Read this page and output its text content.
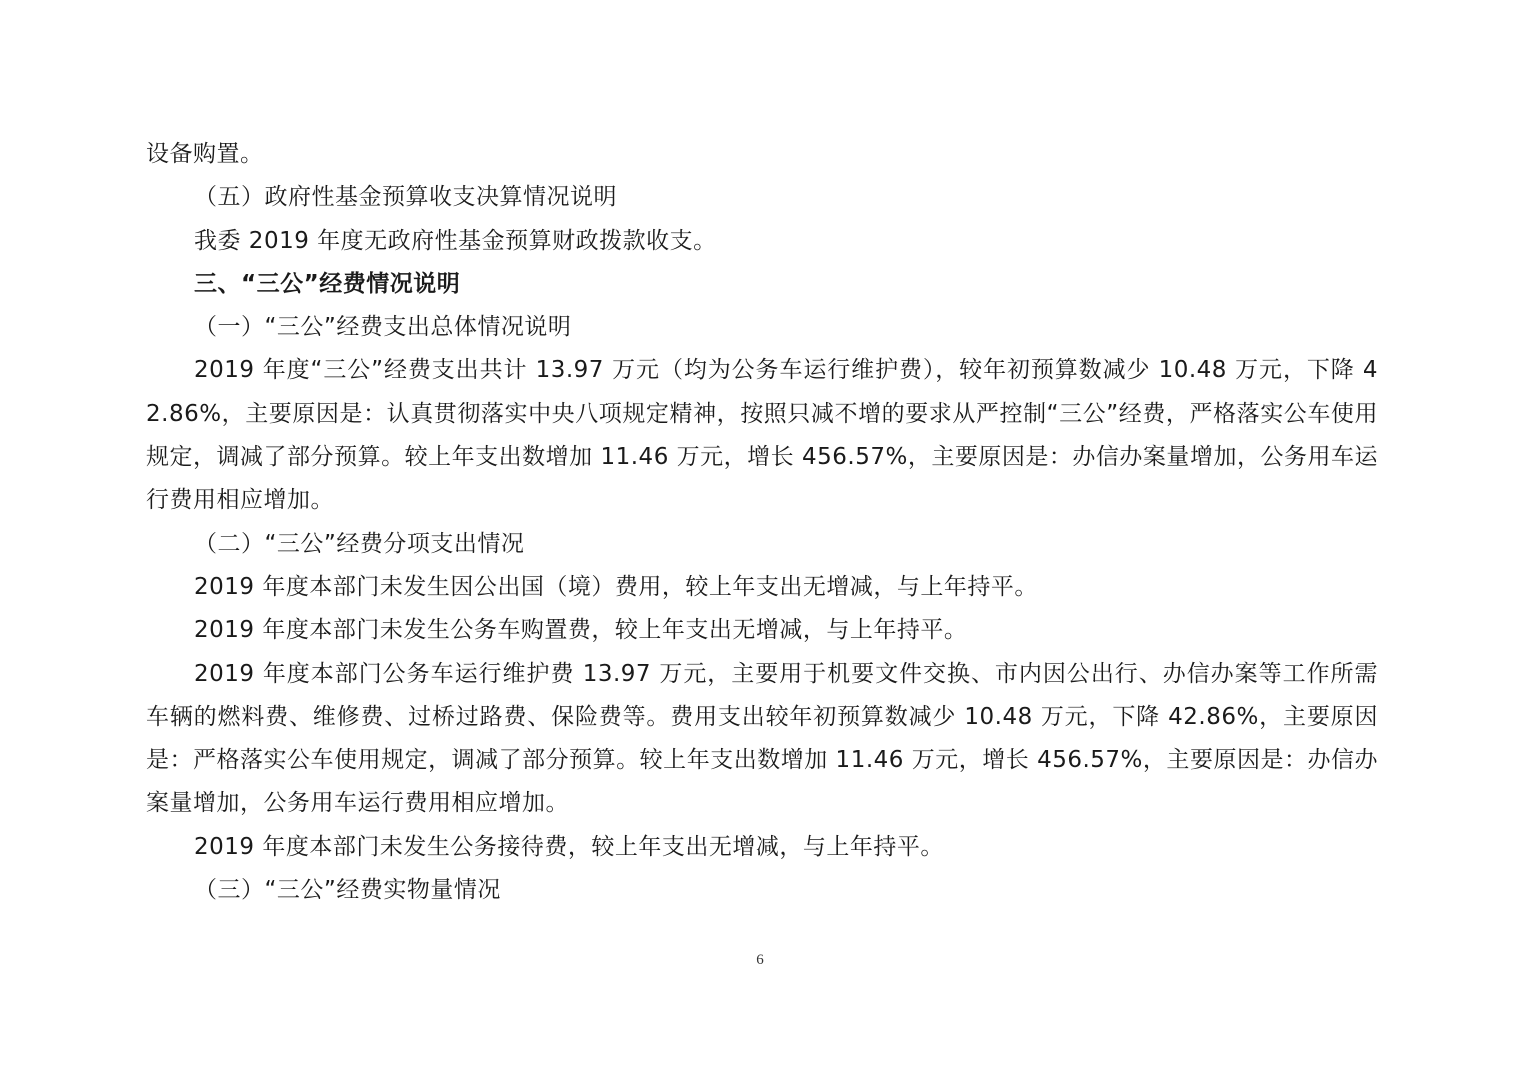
设备购置。

（五）政府性基金预算收支决算情况说明

我委 2019 年度无政府性基金预算财政拨款收支。

三、“三公”经费情况说明

（一）“三公”经费支出总体情况说明

2019 年度“三公”经费支出共计 13.97 万元（均为公务车运行维护费），较年初预算数减少 10.48 万元，下降 42.86%，主要原因是：认真贯彻落实中央八项规定精神，按照只减不增的要求从严控制“三公”经费，严格落实公车使用规定，调减了部分预算。较上年支出数增加 11.46 万元，增长 456.57%，主要原因是：办信办案量增加，公务用车运行费用相应增加。

（二）“三公”经费分项支出情况

2019 年度本部门未发生因公出国（境）费用，较上年支出无增减，与上年持平。

2019 年度本部门未发生公务车购置费，较上年支出无增减，与上年持平。

2019 年度本部门公务车运行维护费 13.97 万元，主要用于机要文件交换、市内因公出行、办信办案等工作所需车辆的燃料费、维修费、过桥过路费、保险费等。费用支出较年初预算数减少 10.48 万元，下降 42.86%，主要原因是：严格落实公车使用规定，调减了部分预算。较上年支出数增加 11.46 万元，增长 456.57%，主要原因是：办信办案量增加，公务用车运行费用相应增加。

2019 年度本部门未发生公务接待费，较上年支出无增减，与上年持平。

（三）“三公”经费实物量情况

6
